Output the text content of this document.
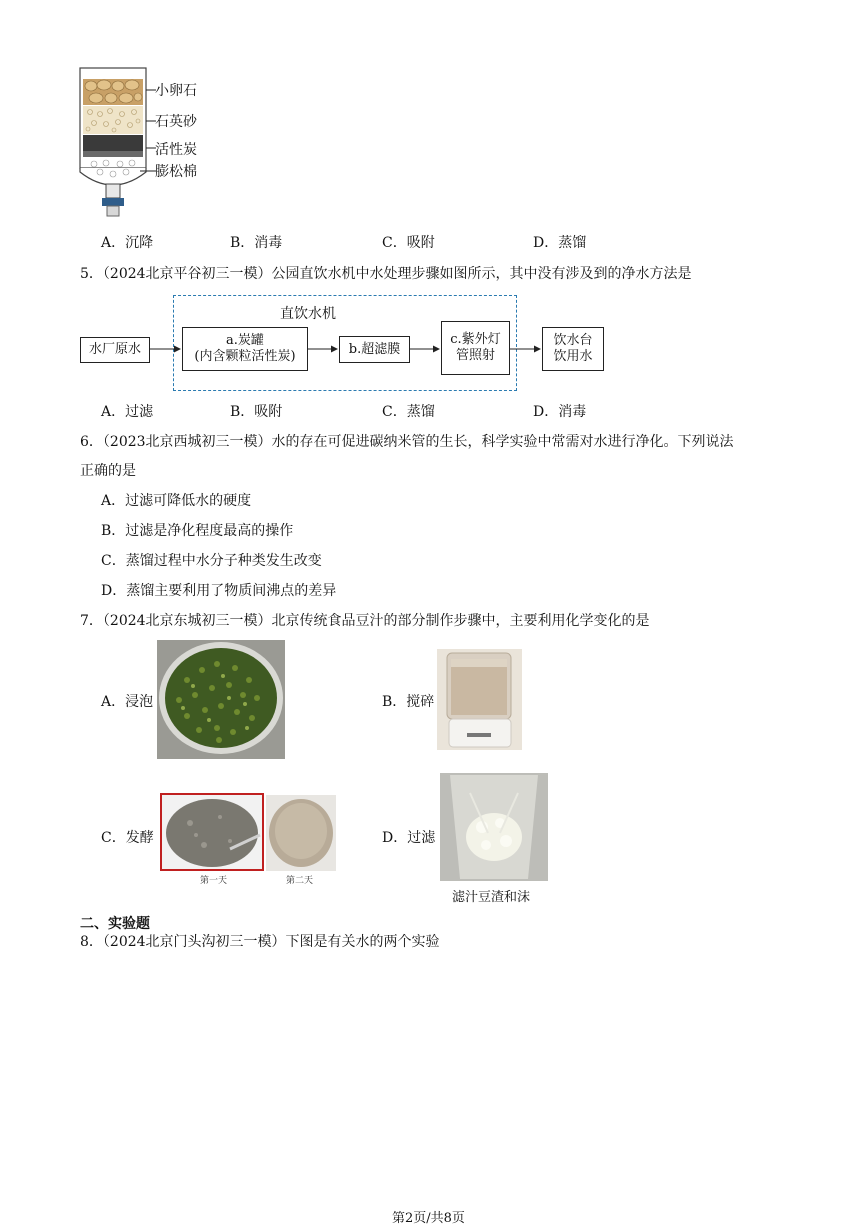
小卵石
石英砂
活性炭
膨松棉
A．沉降	B．消毒	C．吸附	D．蒸馏
5．（2024北京平谷初三一模）公园直饮水机中水处理步骤如图所示，其中没有涉及到的净水方法是
直饮水机
水厂原水
a.炭罐
(内含颗粒活性炭)	b.超滤膜
c.紫外灯
管照射
饮水台
饮用水
A．过滤	B．吸附	C．蒸馏	D．消毒
6．（2023北京西城初三一模）水的存在可促进碳纳米管的生长，科学实验中常需对水进行净化。下列说法
正确的是
A．过滤可降低水的硬度
B．过滤是净化程度最高的操作
C．蒸馏过程中水分子种类发生改变
D．蒸馏主要利用了物质间沸点的差异
7．（2024北京东城初三一模）北京传统食品豆汁的部分制作步骤中，主要利用化学变化的是
A．浸泡	B．搅碎
C．发酵
第一天	第二天
D．过滤
滤汁豆渣和沫
二、实验题
8．（2024北京门头沟初三一模）下图是有关水的两个实验
第2页/共8页
